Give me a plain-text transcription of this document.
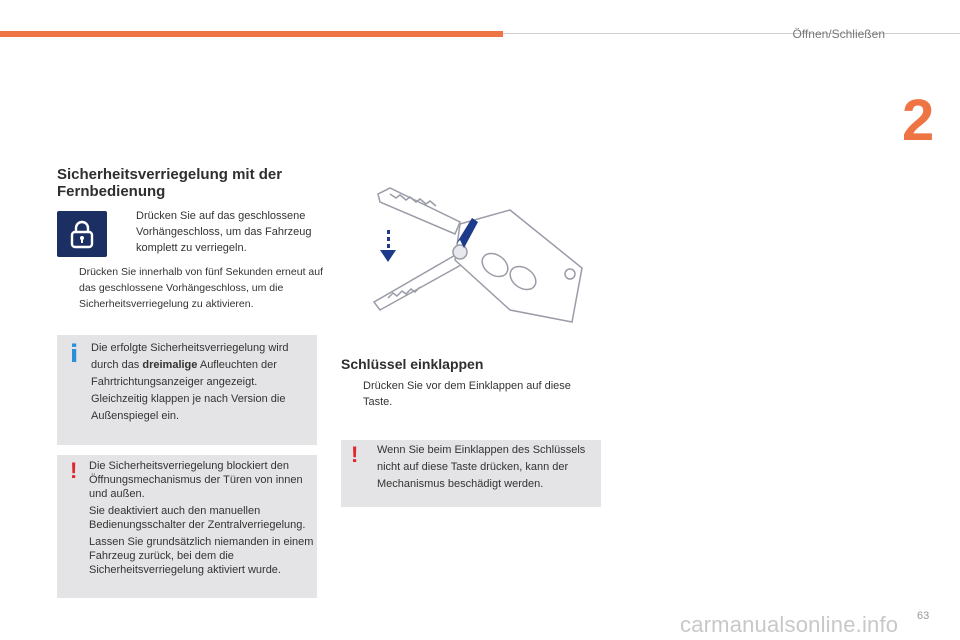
Öffnen/Schließen
2
Sicherheitsverriegelung mit der Fernbedienung
Drücken Sie auf das geschlossene Vorhängeschloss, um das Fahrzeug komplett zu verriegeln.
Drücken Sie innerhalb von fünf Sekunden erneut auf das geschlossene Vorhängeschloss, um die Sicherheitsverriegelung zu aktivieren.
i Die erfolgte Sicherheitsverriegelung wird durch das dreimalige Aufleuchten der Fahrtrichtungsanzeiger angezeigt. Gleichzeitig klappen je nach Version die Außenspiegel ein.
! Die Sicherheitsverriegelung blockiert den Öffnungsmechanismus der Türen von innen und außen.

Sie deaktiviert auch den manuellen Bedienungsschalter der Zentralverriegelung.

Lassen Sie grundsätzlich niemanden in einem Fahrzeug zurück, bei dem die Sicherheitsverriegelung aktiviert wurde.

Schlüssel einklappen
Drücken Sie vor dem Einklappen auf diese Taste.
! Wenn Sie beim Einklappen des Schlüssels nicht auf diese Taste drücken, kann der Mechanismus beschädigt werden.
carmanualsonline.info 63
